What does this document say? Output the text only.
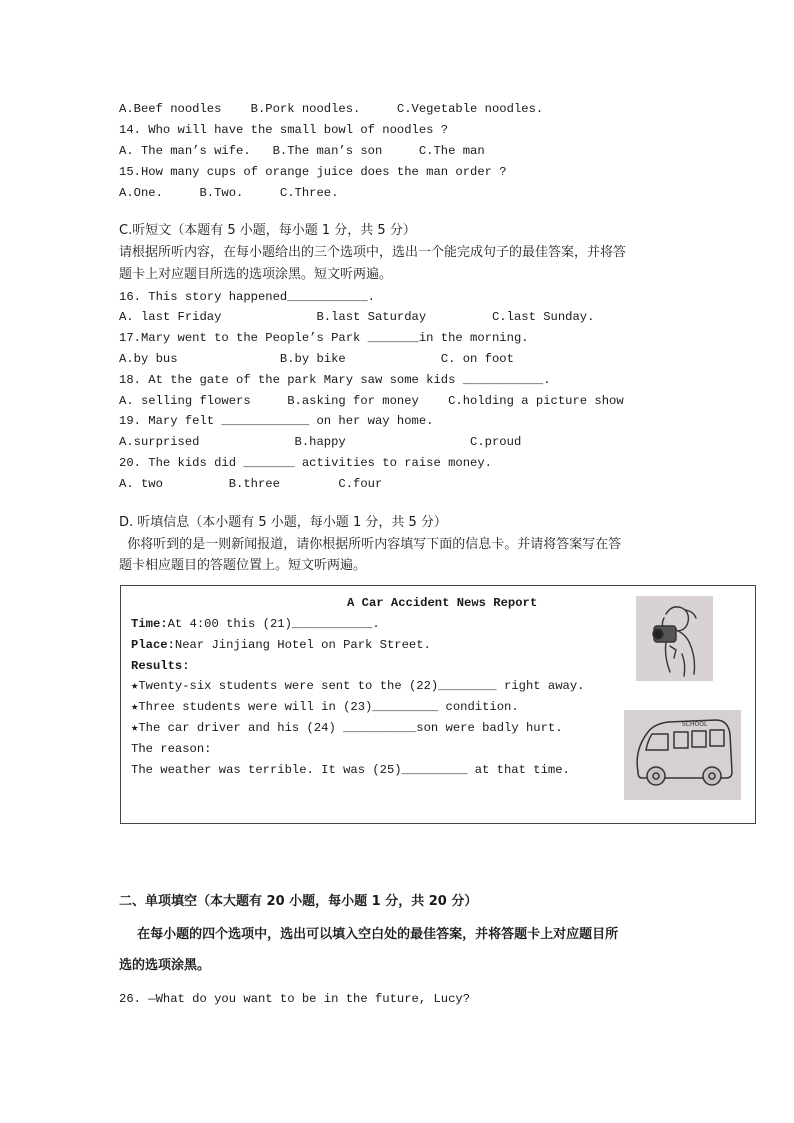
A.Beef noodles    B.Pork noodles.     C.Vegetable noodles.
14. Who will have the small bowl of noodles ?
A. The man’s wife.   B.The man’s son     C.The man
15.How many cups of orange juice does the man order ?
A.One.     B.Two.     C.Three.
C.听短文（本题有 5 小题，每小题 1 分，共 5 分）
请根据所听内容，在每小题给出的三个选项中，选出一个能完成句子的最佳答案，并将答
题卡上对应题目所选的选项涂黑。短文听两遍。
16. This story happened___________.
A. last Friday             B.last Saturday         C.last Sunday.
17.Mary went to the People’s Park _______in the morning.
A.by bus              B.by bike             C. on foot
18. At the gate of the park Mary saw some kids ___________.
A. selling flowers     B.asking for money    C.holding a picture show
19. Mary felt ____________ on her way home.
A.surprised             B.happy                 C.proud
20. The kids did _______ activities to raise money.
A. two         B.three        C.four
D. 听填信息（本小题有 5 小题，每小题 1 分，共 5 分）
你将听到的是一则新闻报道，请你根据所听内容填写下面的信息卡。并请将答案写在答
题卡相应题目的答题位置上。短文听两遍。
A Car Accident News Report
Time:At 4:00 this (21)___________.
Place:Near Jinjiang Hotel on Park Street.
Results:
★Twenty-six students were sent to the (22)________ right away.
★Three students were will in (23)_________ condition.
★The car driver and his (24) __________son were badly hurt.
The reason:
The weather was terrible. It was (25)_________ at that time.
SCHOOL
二、单项填空（本大题有 20 小题，每小题 1 分，共 20 分）
在每小题的四个选项中，选出可以填入空白处的最佳答案，并将答题卡上对应题目所
选的选项涂黑。
26. —What do you want to be in the future, Lucy?
